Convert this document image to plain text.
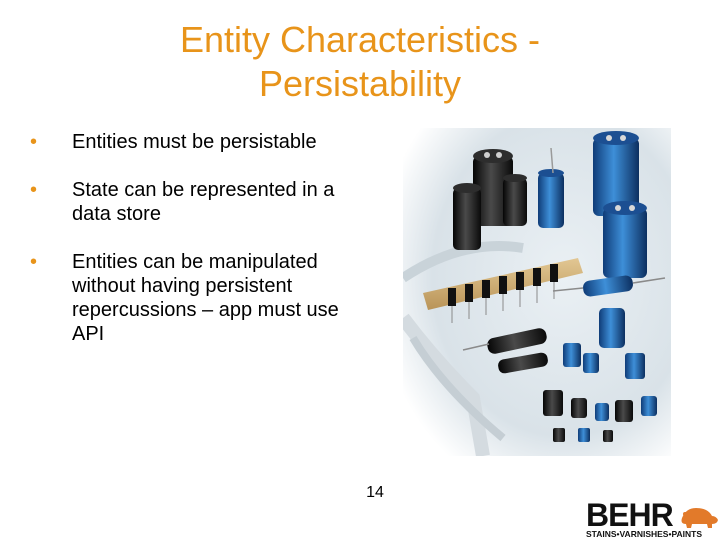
Entity Characteristics -
Persistability
•	Entities must be persistable
•	State can be represented in a data store
•	Entities can be manipulated without having persistent repercussions – app must use API
14
BEHR
STAINS•VARNISHES•PAINTS
